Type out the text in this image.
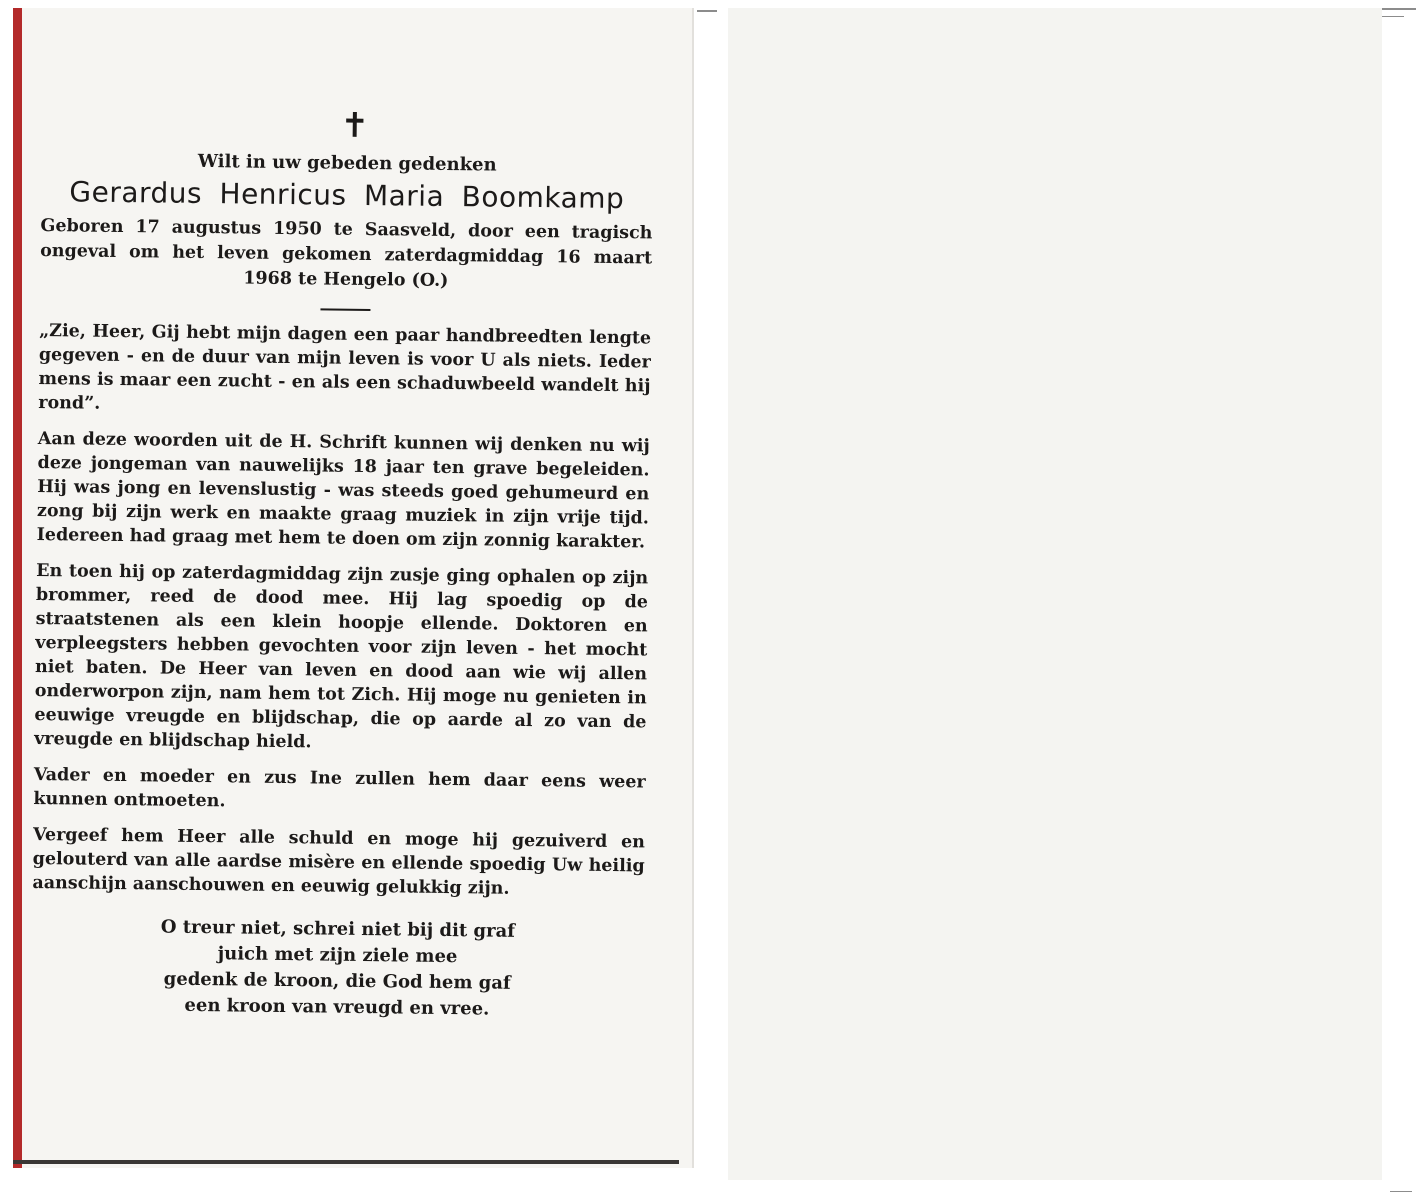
✝
Wilt in uw gebeden gedenken
Gerardus Henricus Maria Boomkamp
Geboren 17 augustus 1950 te Saasveld, door een tragisch ongeval om het leven gekomen zaterdagmiddag 16 maart 1968 te Hengelo (O.)

„Zie, Heer, Gij hebt mijn dagen een paar handbreedten lengte gegeven - en de duur van mijn leven is voor U als niets. Ieder mens is maar een zucht - en als een schaduwbeeld wandelt hij rond”.

Aan deze woorden uit de H. Schrift kunnen wij denken nu wij deze jongeman van nauwelijks 18 jaar ten grave begeleiden. Hij was jong en levenslustig - was steeds goed gehumeurd en zong bij zijn werk en maakte graag muziek in zijn vrije tijd. Iedereen had graag met hem te doen om zijn zonnig karakter.

En toen hij op zaterdagmiddag zijn zusje ging ophalen op zijn brommer, reed de dood mee. Hij lag spoedig op de straatstenen als een klein hoopje ellende. Doktoren en verpleegsters hebben gevochten voor zijn leven - het mocht niet baten. De Heer van leven en dood aan wie wij allen onderworpon zijn, nam hem tot Zich. Hij moge nu genieten in eeuwige vreugde en blijdschap, die op aarde al zo van de vreugde en blijdschap hield.

Vader en moeder en zus Ine zullen hem daar eens weer kunnen ontmoeten.

Vergeef hem Heer alle schuld en moge hij gezuiverd en gelouterd van alle aardse misère en ellende spoedig Uw heilig aanschijn aanschouwen en eeuwig gelukkig zijn.

O treur niet, schrei niet bij dit graf
juich met zijn ziele mee
gedenk de kroon, die God hem gaf
een kroon van vreugd en vree.
